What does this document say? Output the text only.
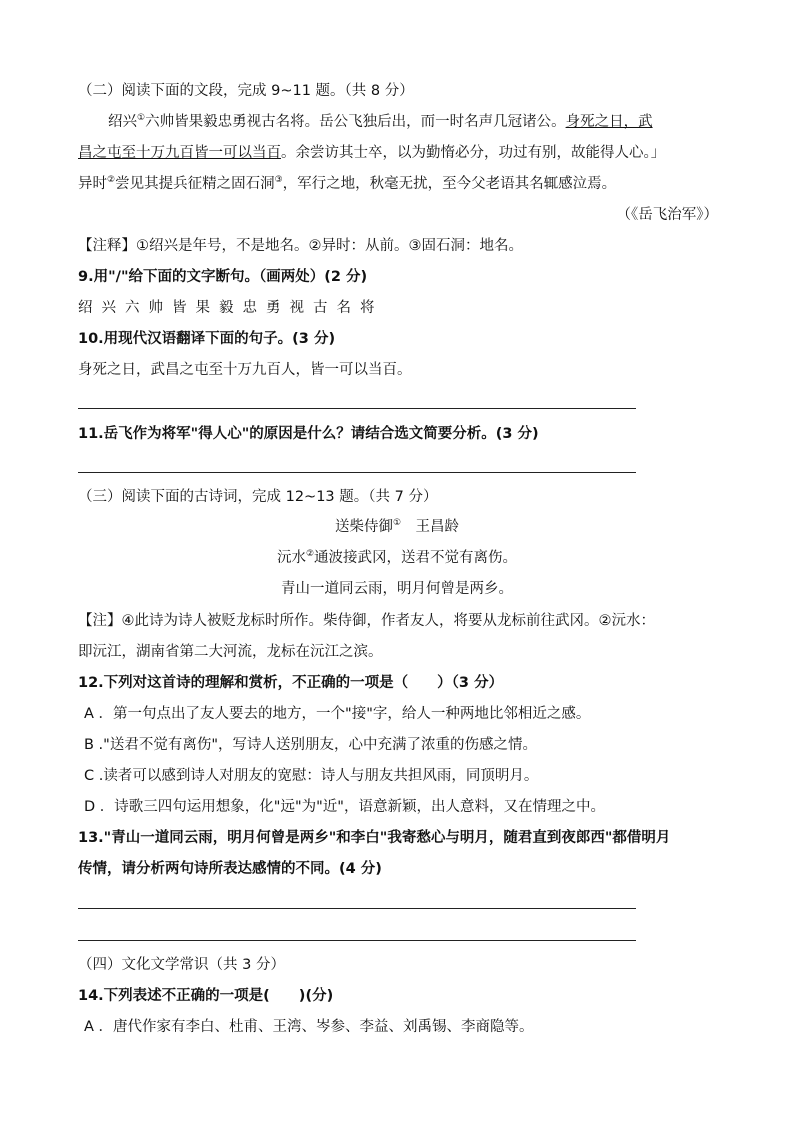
（二）阅读下面的文段，完成 9~11 题。（共 8 分）
绍兴①六帅皆果毅忠勇视古名将。岳公飞独后出，而一时名声几冠诸公。身死之日，武
昌之屯至十万九百皆一可以当百。余尝访其士卒，以为勤惰必分，功过有别，故能得人心。」
异时②尝见其提兵征精之固石洞③，军行之地，秋毫无扰，至今父老语其名辄感泣焉。
（《岳飞治军》）
【注释】①绍兴是年号，不是地名。②异时：从前。③固石洞：地名。
9.用"/"给下面的文字断句。（画两处）(2 分)
绍兴六帅皆果毅忠勇视古名将
10.用现代汉语翻译下面的句子。(3 分)
身死之日，武昌之屯至十万九百人，皆一可以当百。
11.岳飞作为将军"得人心"的原因是什么？请结合选文简要分析。(3 分)
（三）阅读下面的古诗词，完成 12~13 题。（共 7 分）
送柴侍御①　 王昌龄
沅水②通波接武冈，送君不觉有离伤。
青山一道同云雨，明月何曾是两乡。
【注】④此诗为诗人被贬龙标时所作。柴侍御，作者友人，将要从龙标前往武冈。②沅水：
即沅江，湖南省第二大河流，龙标在沅江之滨。
12.下列对这首诗的理解和赏析，不正确的一项是（　　）（3 分）
A ．第一句点出了友人要去的地方，一个"接"字，给人一种两地比邻相近之感。
B ."送君不觉有离伤"，写诗人送别朋友，心中充满了浓重的伤感之情。
C .读者可以感到诗人对朋友的宽慰：诗人与朋友共担风雨，同顶明月。
D ．诗歌三四句运用想象，化"远"为"近"，语意新颖，出人意料，又在情理之中。
13."青山一道同云雨，明月何曾是两乡"和李白"我寄愁心与明月，随君直到夜郎西"都借明月
传情，请分析两句诗所表达感情的不同。(4 分)
（四）文化文学常识（共 3 分）
14.下列表述不正确的一项是(　　)(分)
A ．唐代作家有李白、杜甫、王湾、岑参、李益、刘禹锡、李商隐等。
